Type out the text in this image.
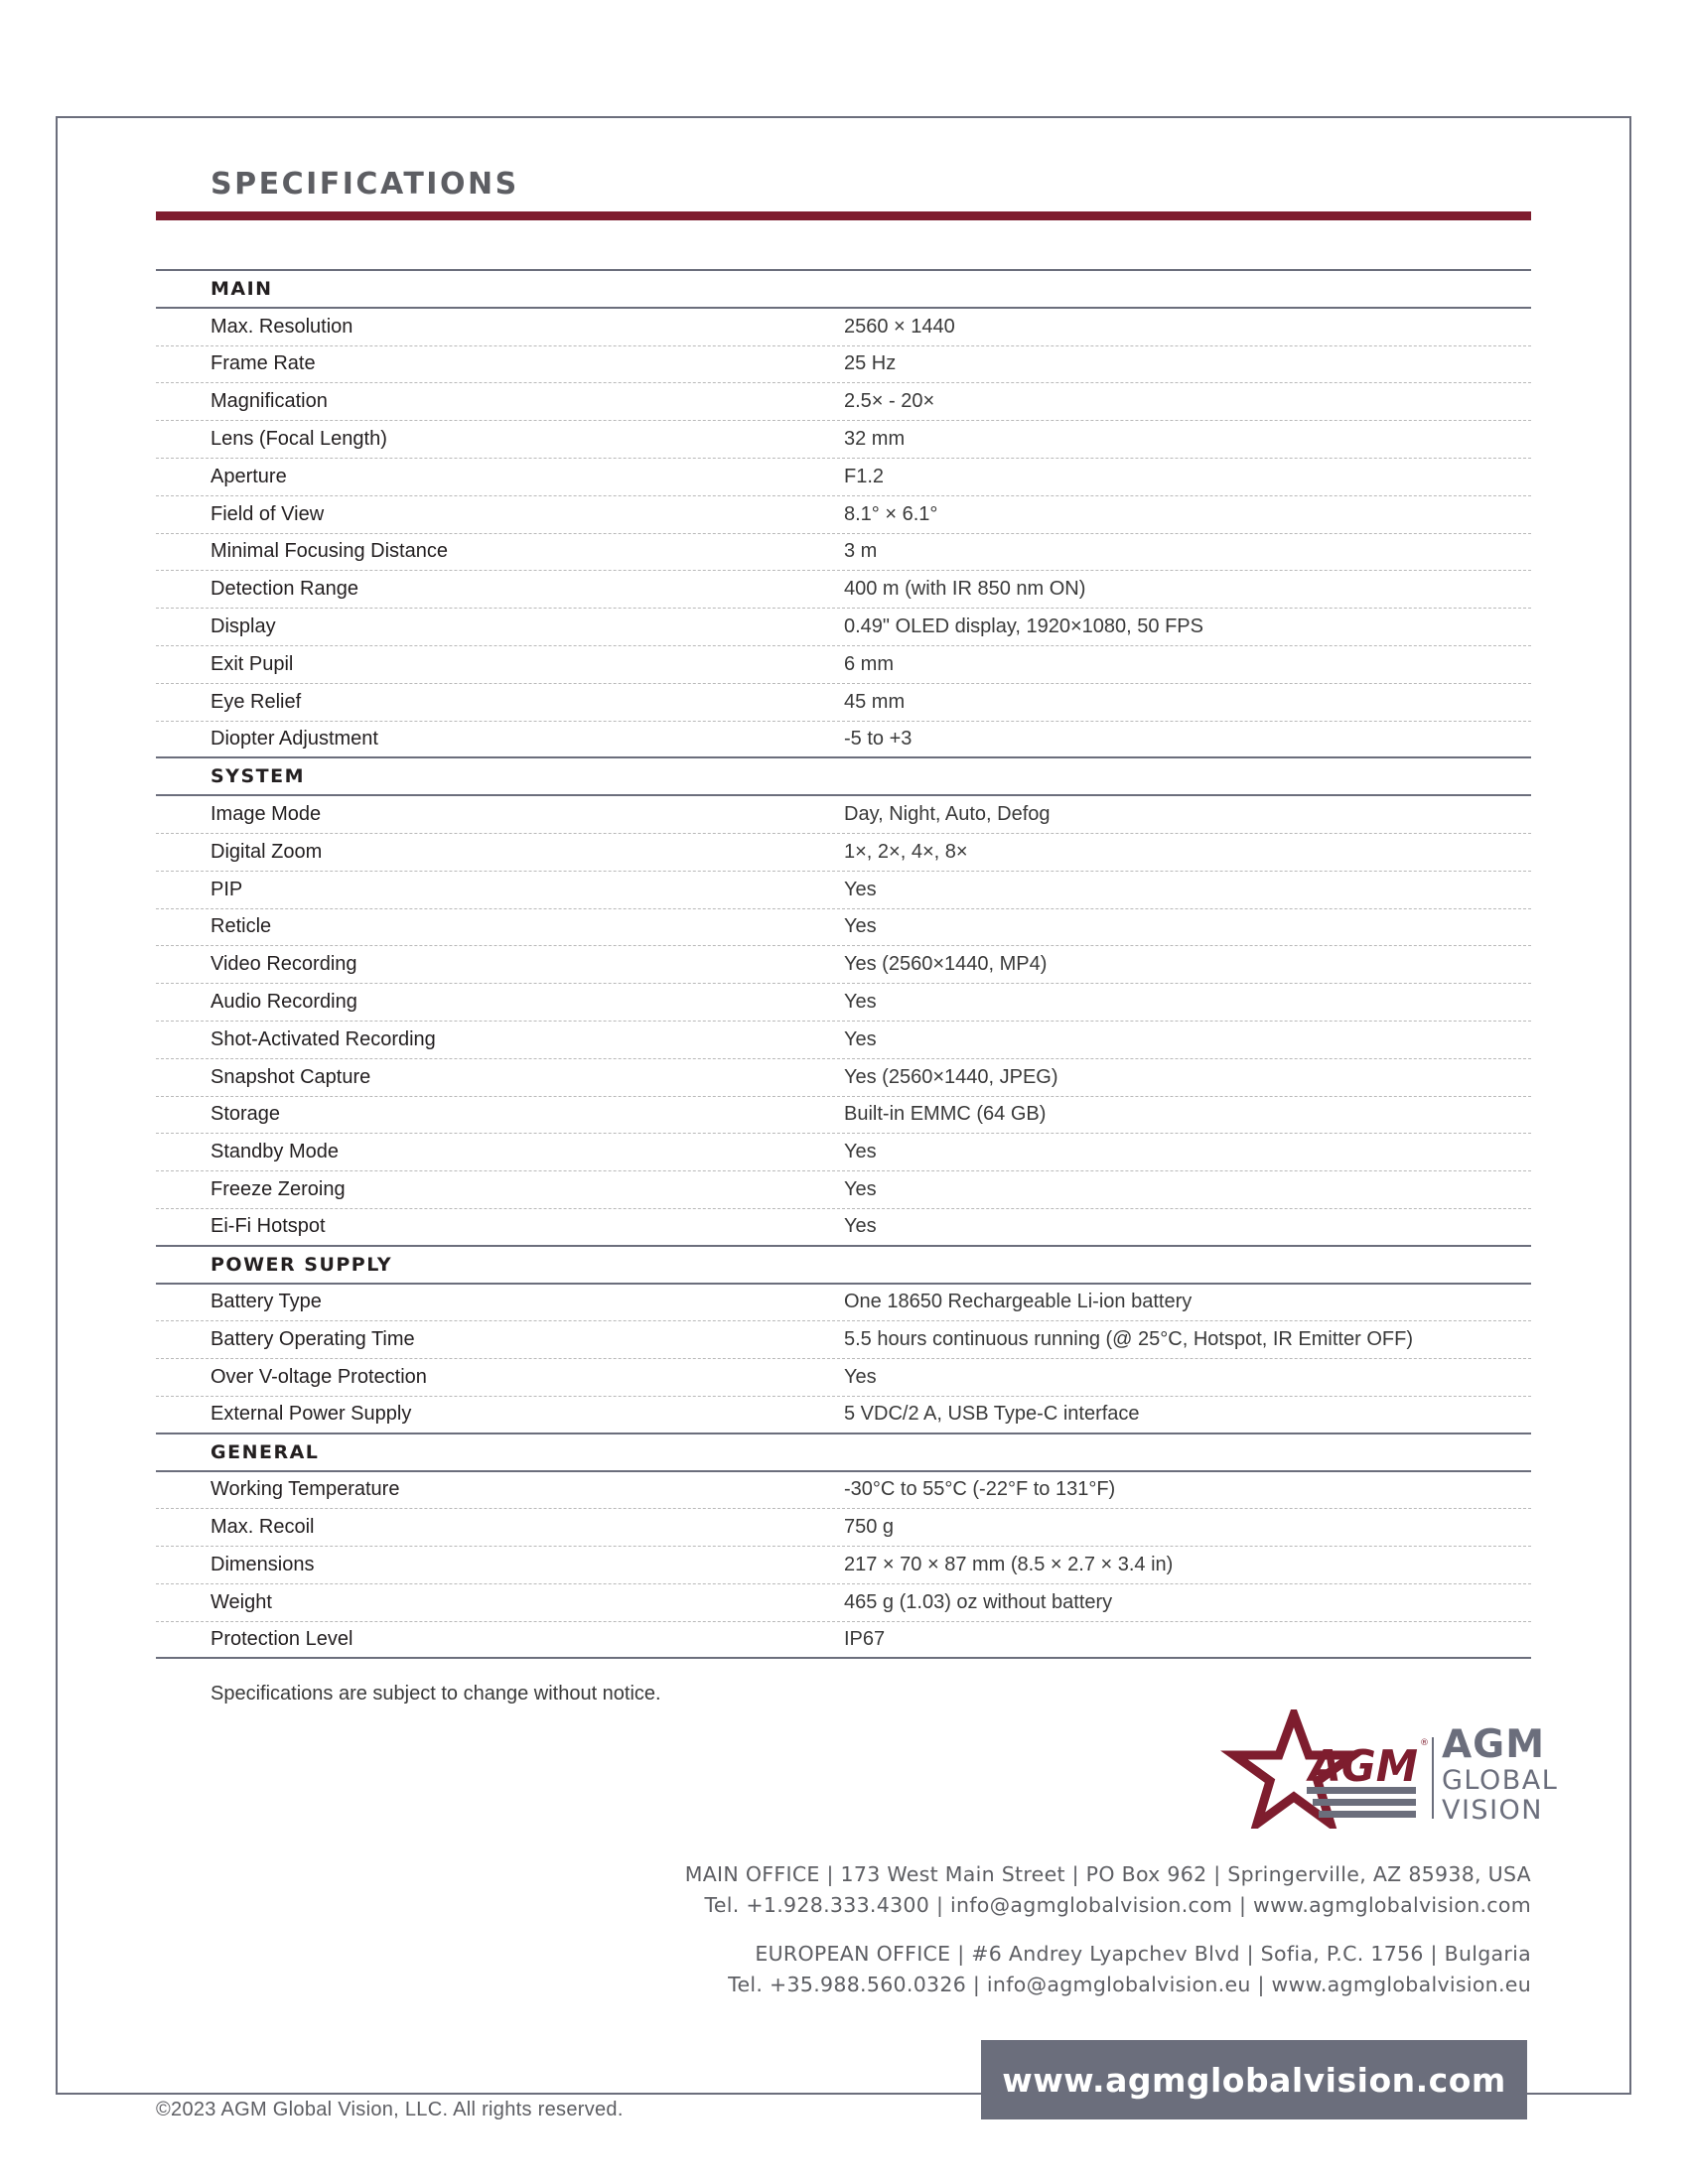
SPECIFICATIONS
MAIN
Max. Resolution	2560 × 1440
Frame Rate	25 Hz
Magnification	2.5× - 20×
Lens (Focal Length)	32 mm
Aperture	F1.2
Field of View	8.1° × 6.1°
Minimal Focusing Distance	3 m
Detection Range	400 m (with IR 850 nm ON)
Display	0.49" OLED display, 1920×1080, 50 FPS
Exit Pupil	6 mm
Eye Relief	45 mm
Diopter Adjustment	-5 to +3
SYSTEM
Image Mode	Day, Night, Auto, Defog
Digital Zoom	1×, 2×, 4×, 8×
PIP	Yes
Reticle	Yes
Video Recording	Yes (2560×1440, MP4)
Audio Recording	Yes
Shot-Activated Recording	Yes
Snapshot Capture	Yes (2560×1440, JPEG)
Storage	Built-in EMMC (64 GB)
Standby Mode	Yes
Freeze Zeroing	Yes
Ei-Fi Hotspot	Yes
POWER SUPPLY
Battery Type	One 18650 Rechargeable Li-ion battery
Battery Operating Time	5.5 hours continuous running (@ 25°C, Hotspot, IR Emitter OFF)
Over V-oltage Protection	Yes
External Power Supply	5 VDC/2 A, USB Type-C interface
GENERAL
Working Temperature	-30°C to 55°C (-22°F to 131°F)
Max. Recoil	750 g
Dimensions	217 × 70 × 87 mm (8.5 × 2.7 × 3.4 in)
Weight	465 g (1.03) oz without battery
Protection Level	IP67
Specifications are subject to change without notice.
AGM ® AGM
GLOBAL
VISION
MAIN OFFICE | 173 West Main Street | PO Box 962 | Springerville, AZ 85938, USA
Tel. +1.928.333.4300 | info@agmglobalvision.com | www.agmglobalvision.com
EUROPEAN OFFICE | #6 Andrey Lyapchev Blvd | Sofia, P.C. 1756 | Bulgaria
Tel. +35.988.560.0326 | info@agmglobalvision.eu | www.agmglobalvision.eu
www.agmglobalvision.com
©2023 AGM Global Vision, LLC. All rights reserved.
